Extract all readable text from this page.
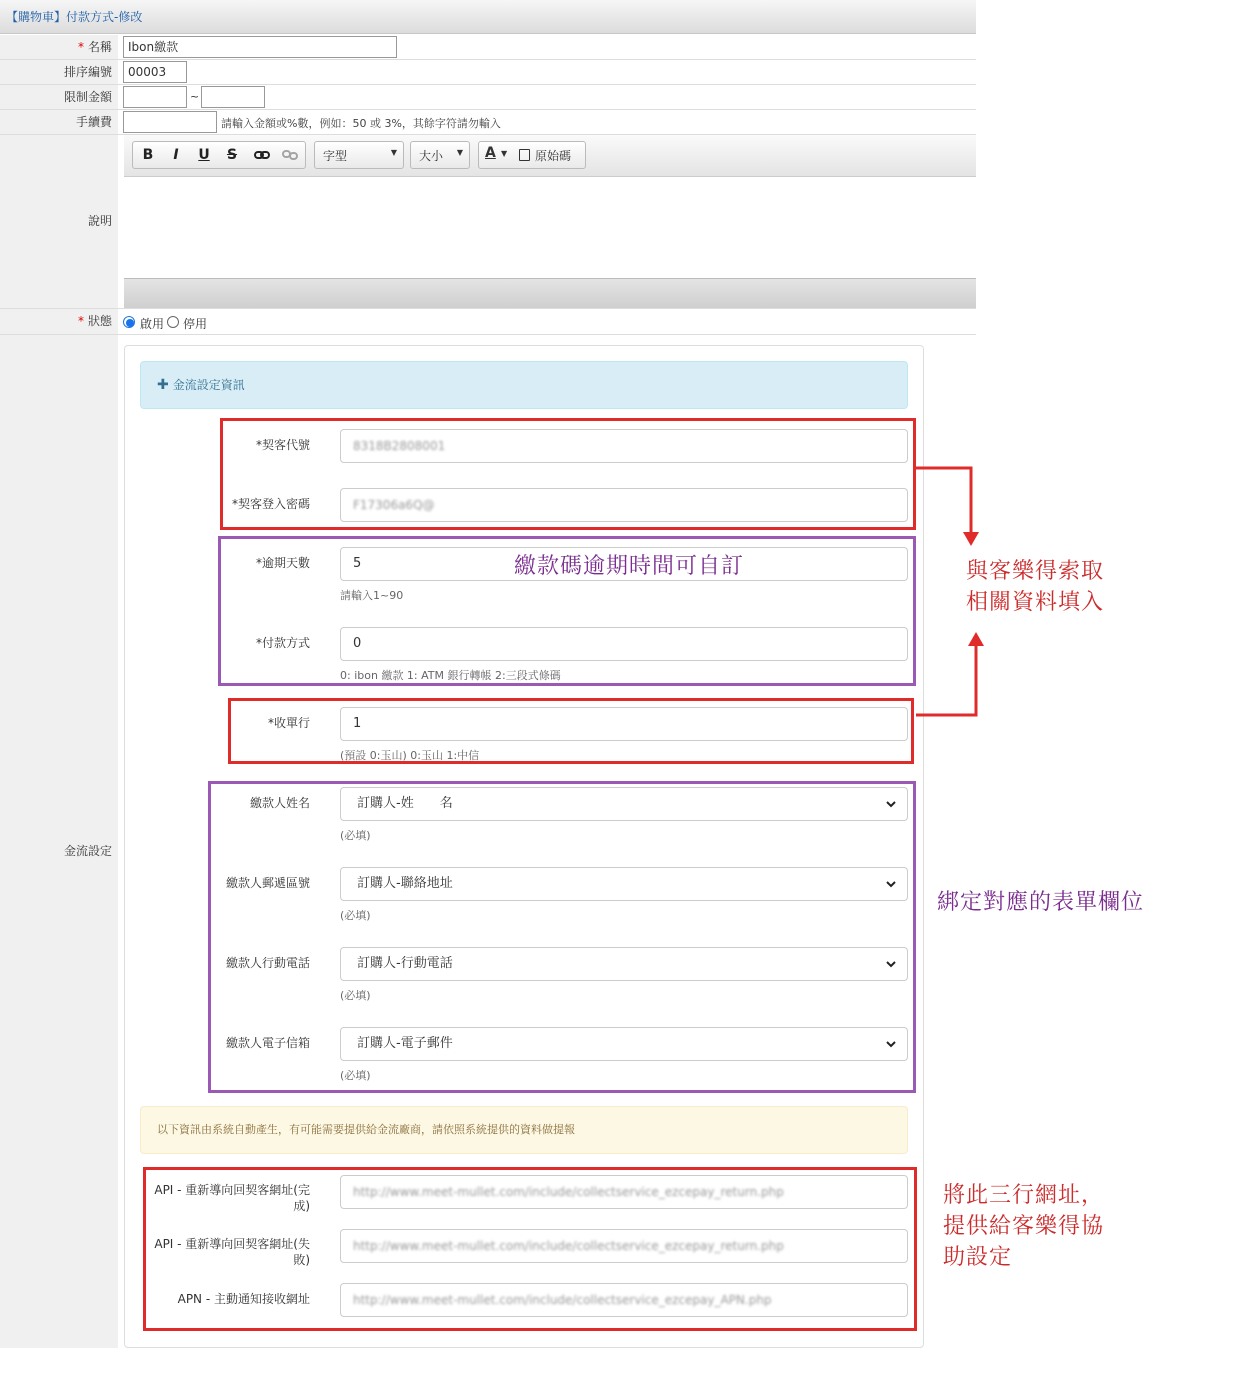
【購物車】付款方式-修改
* 名稱	Ibon繳款
排序編號	00003
限制金額	~
手續費	請輸入金額或%數，例如：50 或 3%，其餘字符請勿輸入
說明
B	I	U	S	字型	▼ 大小 ▼ A ▼ 原始碼
* 狀態	啟用 停用
金流設定
✚ 金流設定資訊
*契客代號	8318B2808001
*契客登入密碼	F17306a6Q@
*逾期天數	5
請輸入1~90
*付款方式	0
0: ibon 繳款 1: ATM 銀行轉帳 2:三段式條碼
*收單行	1
(預設 0:玉山) 0:玉山 1:中信
繳款人姓名	訂購人-姓　　名
(必填)
繳款人郵遞區號	訂購人-聯絡地址
(必填)
繳款人行動電話	訂購人-行動電話
(必填)
繳款人電子信箱	訂購人-電子郵件
(必填)
以下資訊由系統自動產生，有可能需要提供給金流廠商，請依照系統提供的資料做提報
API - 重新導向回契客網址(完成)
http://www.meet-mullet.com/include/collectservice_ezcepay_return.php
API - 重新導向回契客網址(失敗)
http://www.meet-mullet.com/include/collectservice_ezcepay_return.php
APN - 主動通知接收網址	http://www.meet-mullet.com/include/collectservice_ezcepay_APN.php
繳款碼逾期時間可自訂	與客樂得索取
相關資料填入
綁定對應的表單欄位
將此三行網址，
提供給客樂得協
助設定
